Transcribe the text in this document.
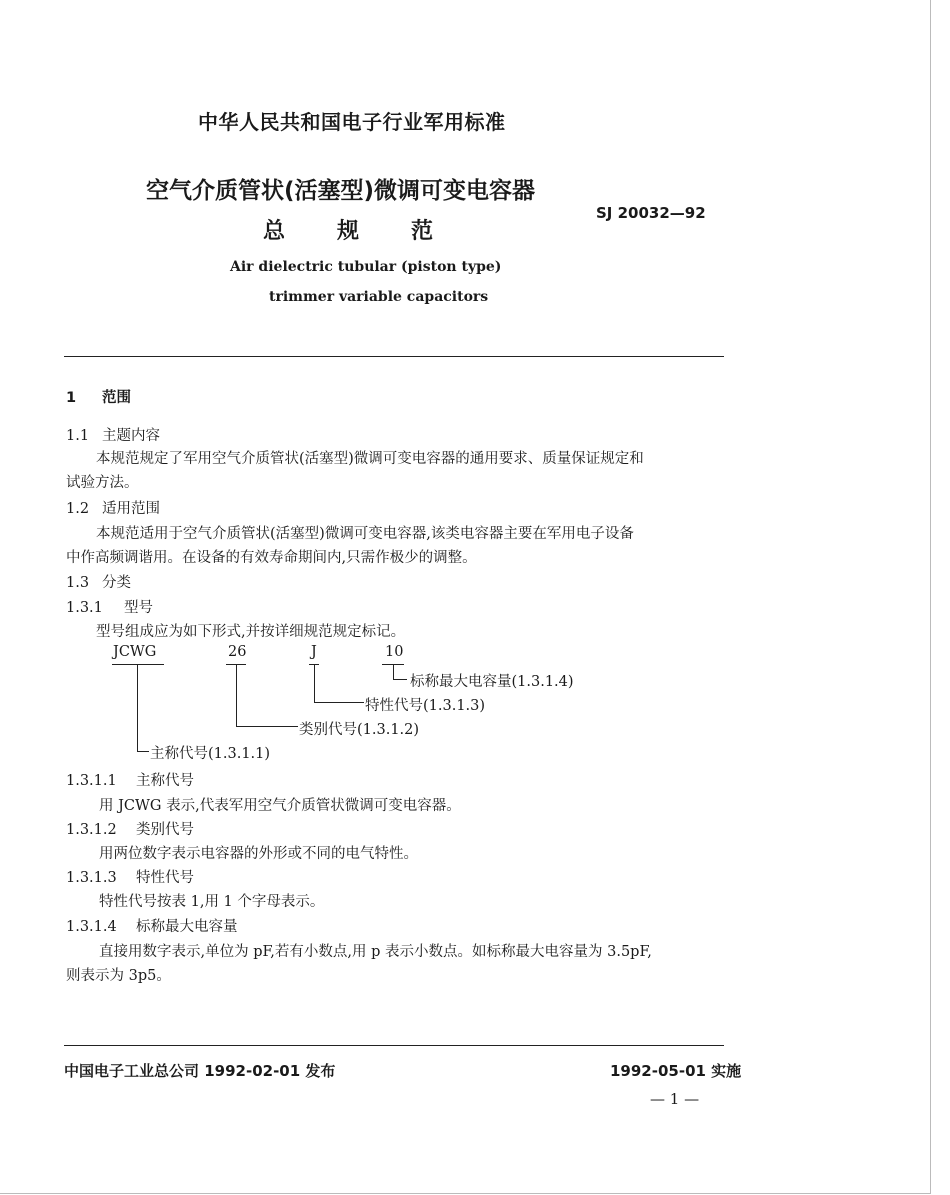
中华人民共和国电子行业军用标准
空气介质管状(活塞型)微调可变电容器
总 规 范
SJ 20032—92
Air dielectric tubular (piston type)
trimmer variable capacitors
1 范围
1.1 主题内容
本规范规定了军用空气介质管状(活塞型)微调可变电容器的通用要求、质量保证规定和
试验方法。
1.2 适用范围
本规范适用于空气介质管状(活塞型)微调可变电容器,该类电容器主要在军用电子设备
中作高频调谐用。在设备的有效寿命期间内,只需作极少的调整。
1.3 分类
1.3.1 型号
型号组成应为如下形式,并按详细规范规定标记。
JCWG	26	J	10
标称最大电容量(1.3.1.4)
特性代号(1.3.1.3)
类别代号(1.3.1.2)
主称代号(1.3.1.1)
1.3.1.1 主称代号
用 JCWG 表示,代表军用空气介质管状微调可变电容器。
1.3.1.2 类别代号
用两位数字表示电容器的外形或不同的电气特性。
1.3.1.3 特性代号
特性代号按表 1,用 1 个字母表示。
1.3.1.4 标称最大电容量
直接用数字表示,单位为 pF,若有小数点,用 p 表示小数点。如标称最大电容量为 3.5pF,
则表示为 3p5。
中国电子工业总公司 1992-02-01 发布	1992-05-01 实施
— 1 —
